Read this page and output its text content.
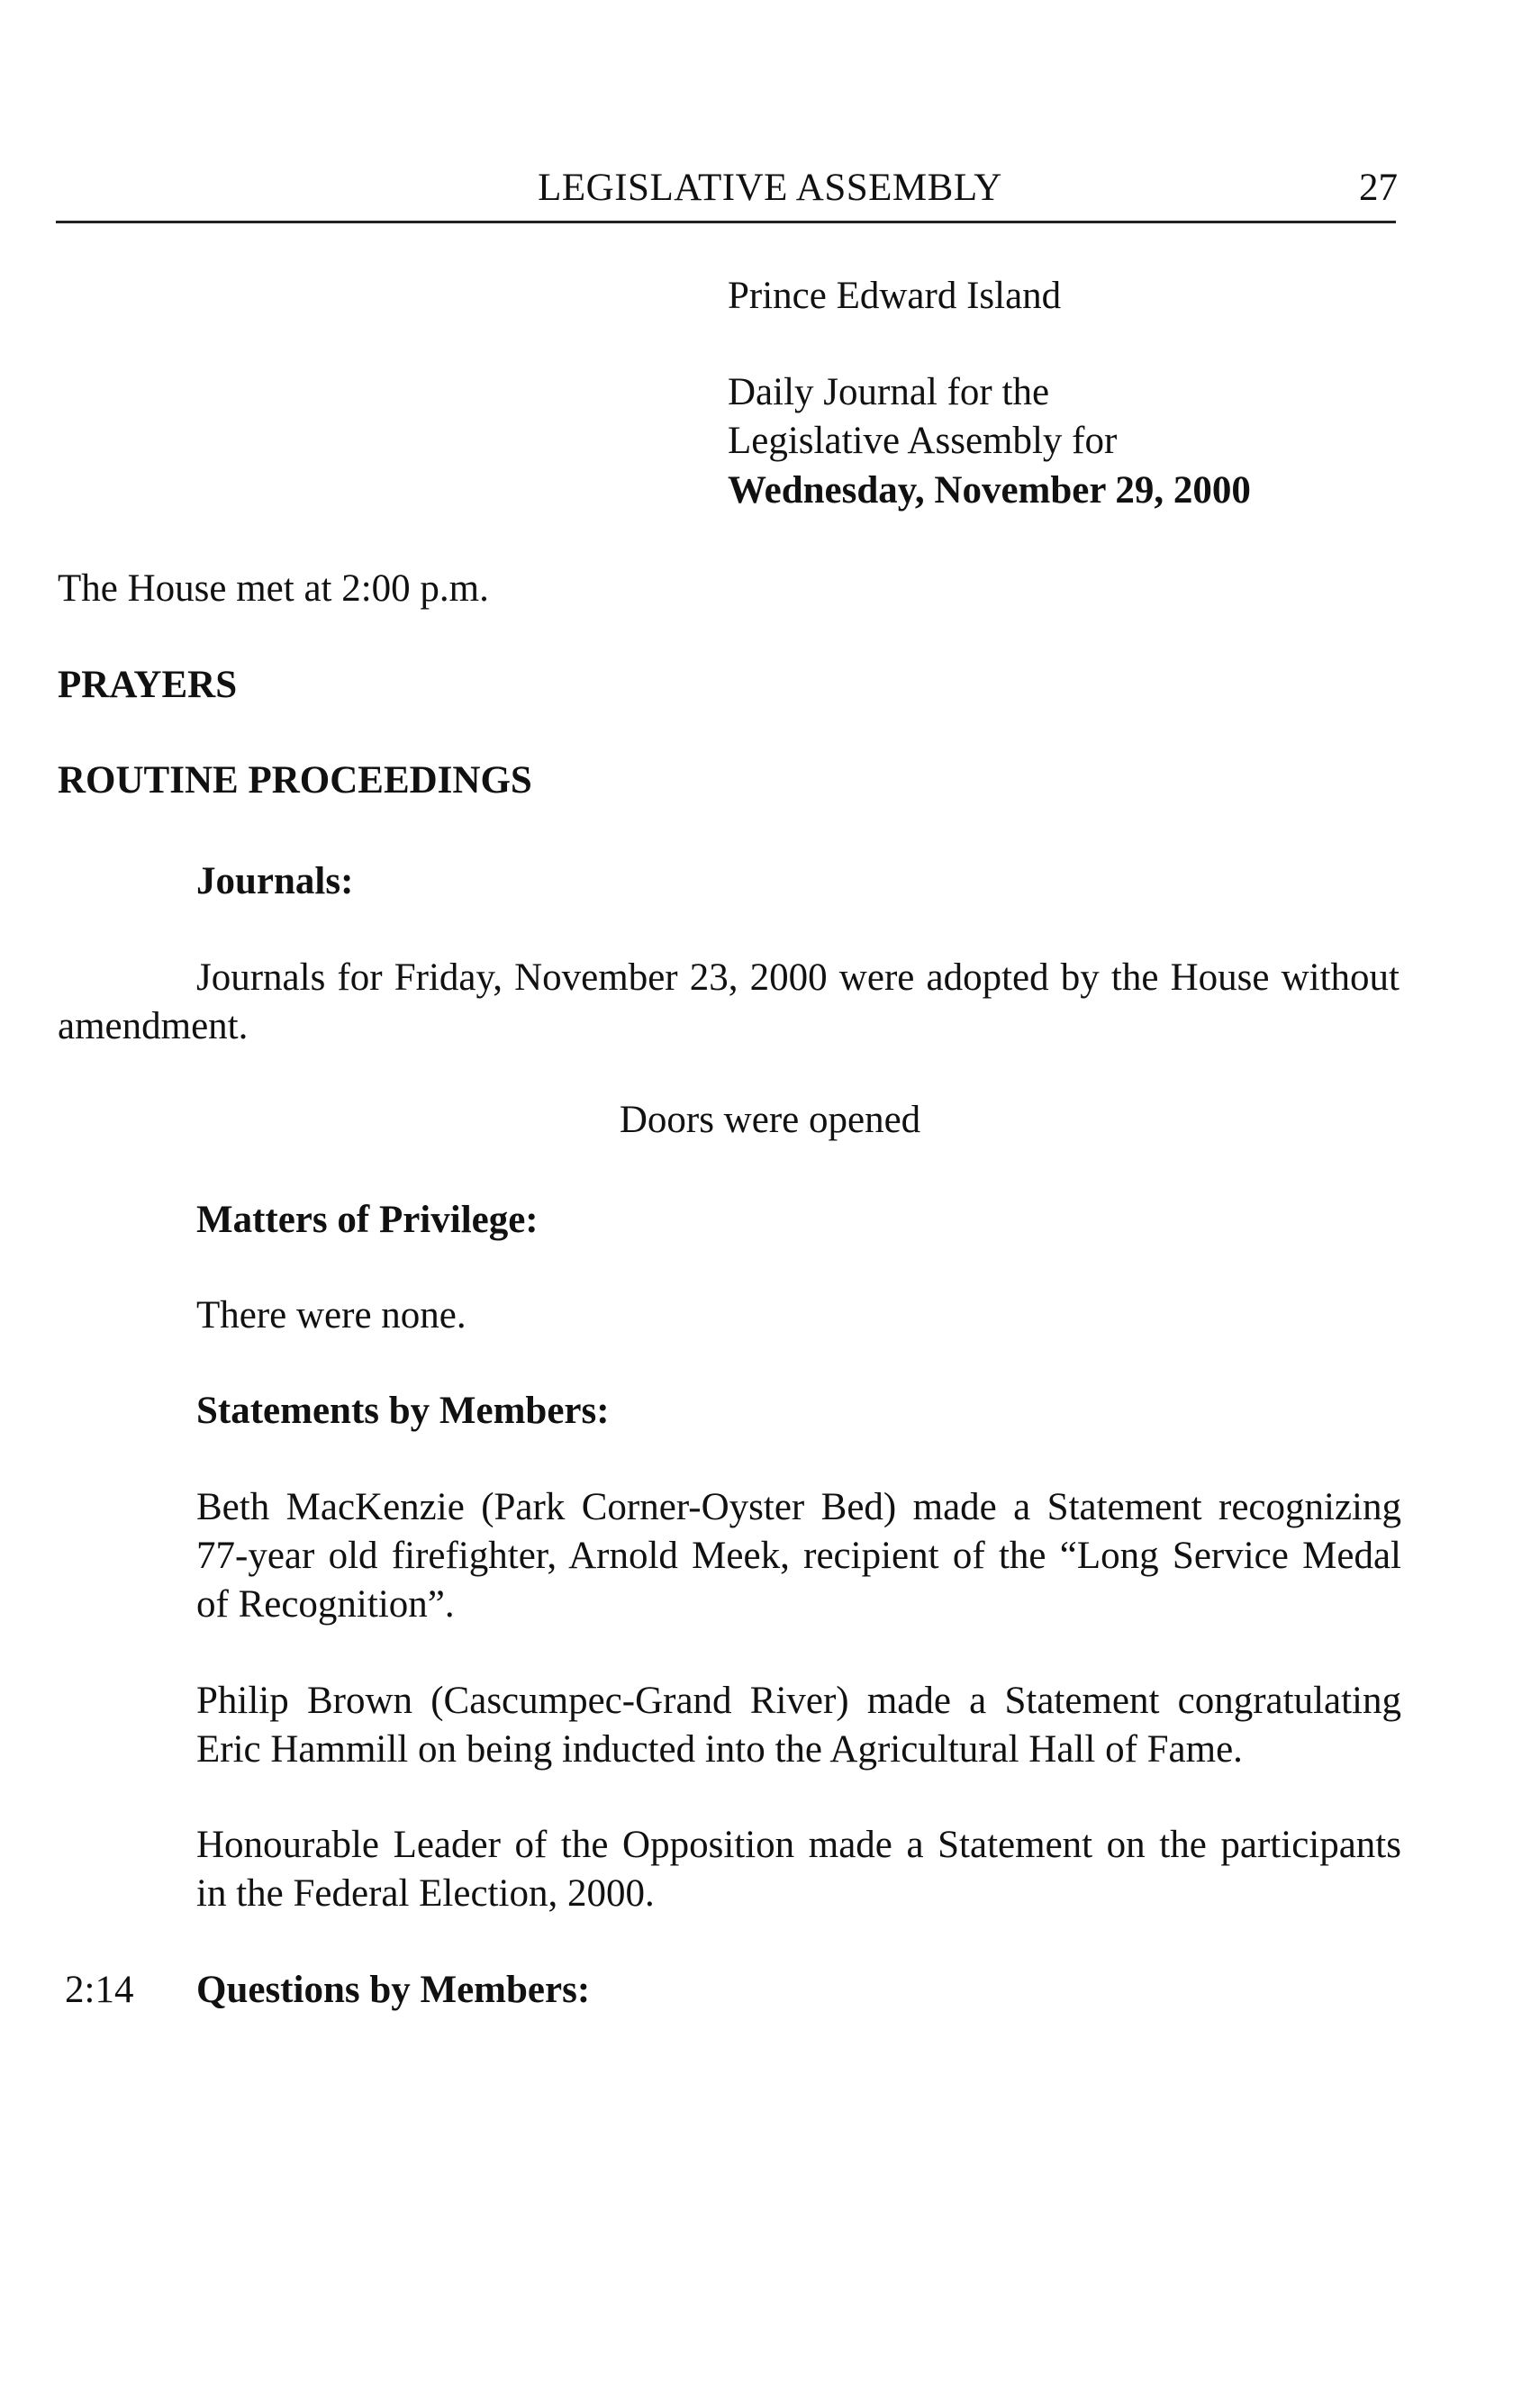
LEGISLATIVE ASSEMBLY	27
Prince Edward Island
Daily Journal for the
Legislative Assembly for
Wednesday, November 29, 2000
The House met at 2:00 p.m.
PRAYERS
ROUTINE PROCEEDINGS
Journals:
Journals for Friday, November 23, 2000 were adopted by the House without
amendment.
Doors were opened
Matters of Privilege:
There were none.
Statements by Members:
Beth MacKenzie (Park Corner-Oyster Bed) made a Statement recognizing
77-year old firefighter, Arnold Meek, recipient of the “Long Service Medal
of Recognition”.
Philip Brown (Cascumpec-Grand River) made a Statement congratulating
Eric Hammill on being inducted into the Agricultural Hall of Fame.
Honourable Leader of the Opposition made a Statement on the participants
in the Federal Election, 2000.
2:14 Questions by Members:
